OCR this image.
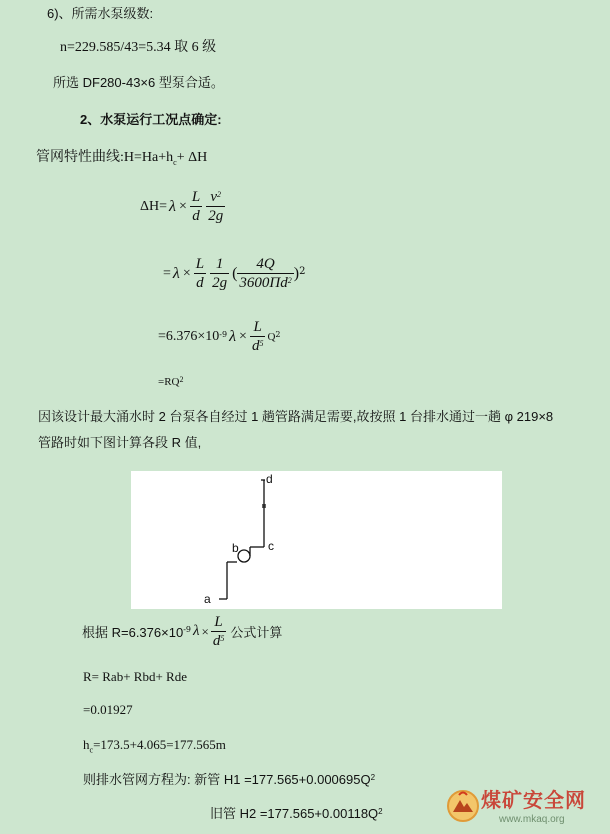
6)、所需水泵级数:
n=229.585/43=5.34 取 6 级
所选 DF280-43×6 型泵合适。
2、水泵运行工况点确定:
管网特性曲线$:H=Ha+h_c+ \Delta H$
$\Delta H= \lambda \times \frac{L}{d} \frac{v^2}{2g}$
= $\lambda \times \frac{L}{d} \frac{1}{2g}$ ( $\frac{4Q}{3600\Pi d^2} )^2$
$=6.376\times 10^{-9}$ $\lambda \times \frac{L}{d^5} Q^2$
$=RQ^2$
因该设计最大涌水时 2 台泵各自经过 1 趟管路满足需要,故按照 1 台排水通过一趟 φ 219×8
管路时如下图计算各段 R 值,
a
b c
d
根据 $R=6.376\times 10^{-9}$ $\lambda \times \frac{L}{d^5}$ 公式计算
R= Rab+ Rbd+ Rde
=0.01927
$h_c=173.5+4.065=177.565m$
则排水管网方程为: 新管 $H1 =177.565+0.000695Q^2$
旧管 $H2 =177.565+0.00118Q^2$	煤矿安全网
www.mkaq.org
